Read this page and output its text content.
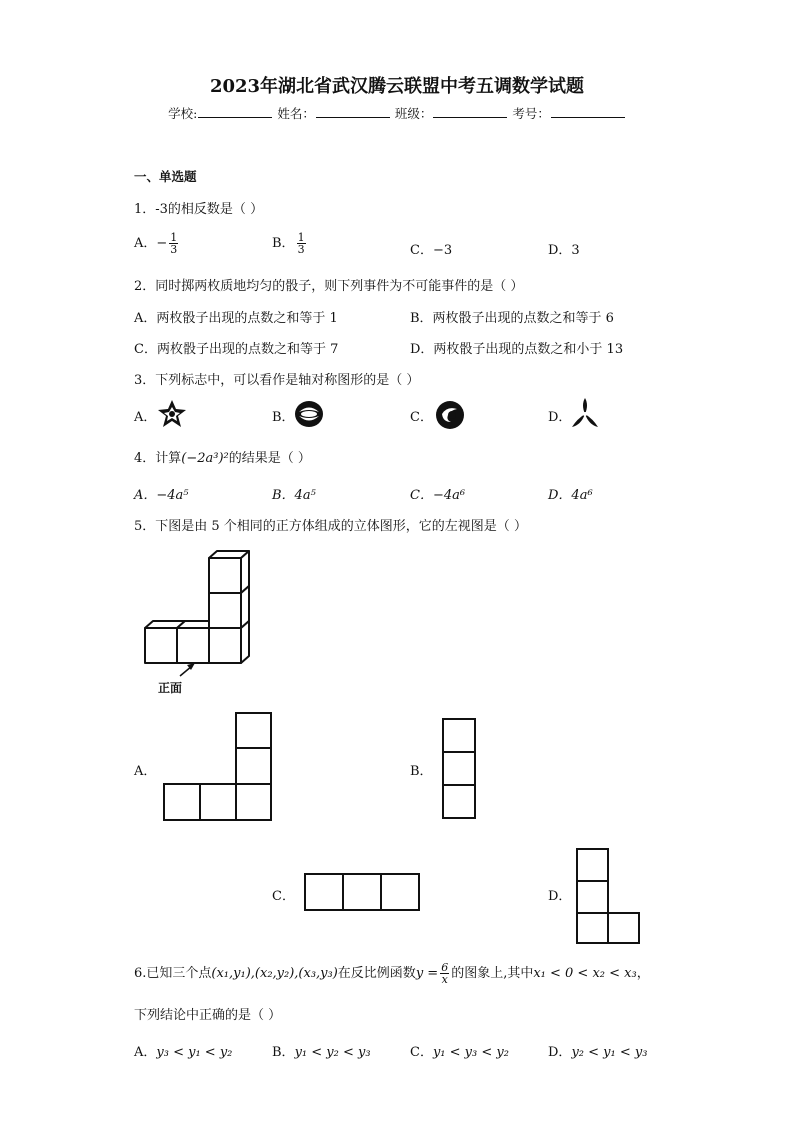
2023年湖北省武汉腾云联盟中考五调数学试题
学校:	姓名：	班级：	考号：
一、单选题
1．-3的相反数是（ ）
A．− $\frac{1}{3}$	B． $\frac{1}{3}$	C．−3	D．3
2．同时掷两枚质地均匀的骰子，则下列事件为不可能事件的是（ ）
A．两枚骰子出现的点数之和等于 1	B．两枚骰子出现的点数之和等于 6
C．两枚骰子出现的点数之和等于 7	D．两枚骰子出现的点数之和小于 13
3．下列标志中，可以看作是轴对称图形的是（ ）
A．	B．	C．	D．
4．计算(−2a³)²的结果是（ ）
A．−4a⁵	B．4a⁵	C．−4a⁶	D．4a⁶
5．下图是由 5 个相同的正方体组成的立体图形，它的左视图是（ ）
正面
A．	B．
C．	D．
6.已知三个点(x₁,y₁),(x₂,y₂),(x₃,y₃)在反比例函数$y = \frac{6}{x}$ 的图象上,其中x₁ < 0 < x₂ < x₃，
下列结论中正确的是（ ）
A．y₃ < y₁ < y₂	B．y₁ < y₂ < y₃	C．y₁ < y₃ < y₂	D．y₂ < y₁ < y₃
